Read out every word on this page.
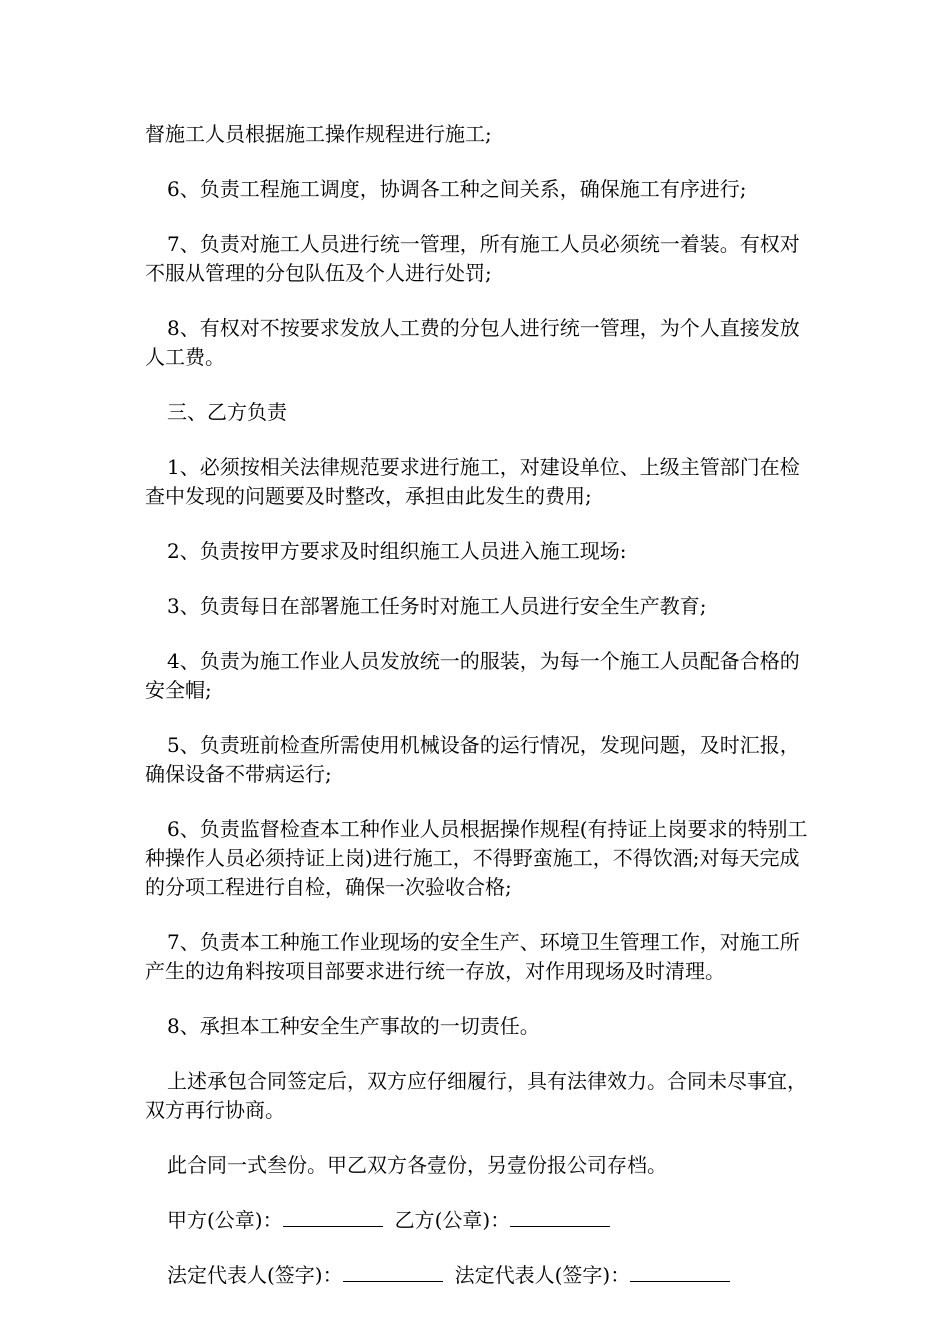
督施工人员根据施工操作规程进行施工;

6、负责工程施工调度，协调各工种之间关系，确保施工有序进行;

7、负责对施工人员进行统一管理，所有施工人员必须统一着装。有权对不服从管理的分包队伍及个人进行处罚;

8、有权对不按要求发放人工费的分包人进行统一管理，为个人直接发放人工费。

三、乙方负责

1、必须按相关法律规范要求进行施工，对建设单位、上级主管部门在检查中发现的问题要及时整改，承担由此发生的费用;

2、负责按甲方要求及时组织施工人员进入施工现场:

3、负责每日在部署施工任务时对施工人员进行安全生产教育;

4、负责为施工作业人员发放统一的服装，为每一个施工人员配备合格的安全帽;

5、负责班前检查所需使用机械设备的运行情况，发现问题，及时汇报，确保设备不带病运行;

6、负责监督检查本工种作业人员根据操作规程(有持证上岗要求的特别工种操作人员必须持证上岗)进行施工，不得野蛮施工，不得饮酒;对每天完成的分项工程进行自检，确保一次验收合格;

7、负责本工种施工作业现场的安全生产、环境卫生管理工作，对施工所产生的边角料按项目部要求进行统一存放，对作用现场及时清理。

8、承担本工种安全生产事故的一切责任。

上述承包合同签定后，双方应仔细履行，具有法律效力。合同未尽事宜，双方再行协商。

此合同一式叁份。甲乙双方各壹份，另壹份报公司存档。

甲方(公章)：	乙方(公章)：
法定代表人(签字)：	法定代表人(签字)：
